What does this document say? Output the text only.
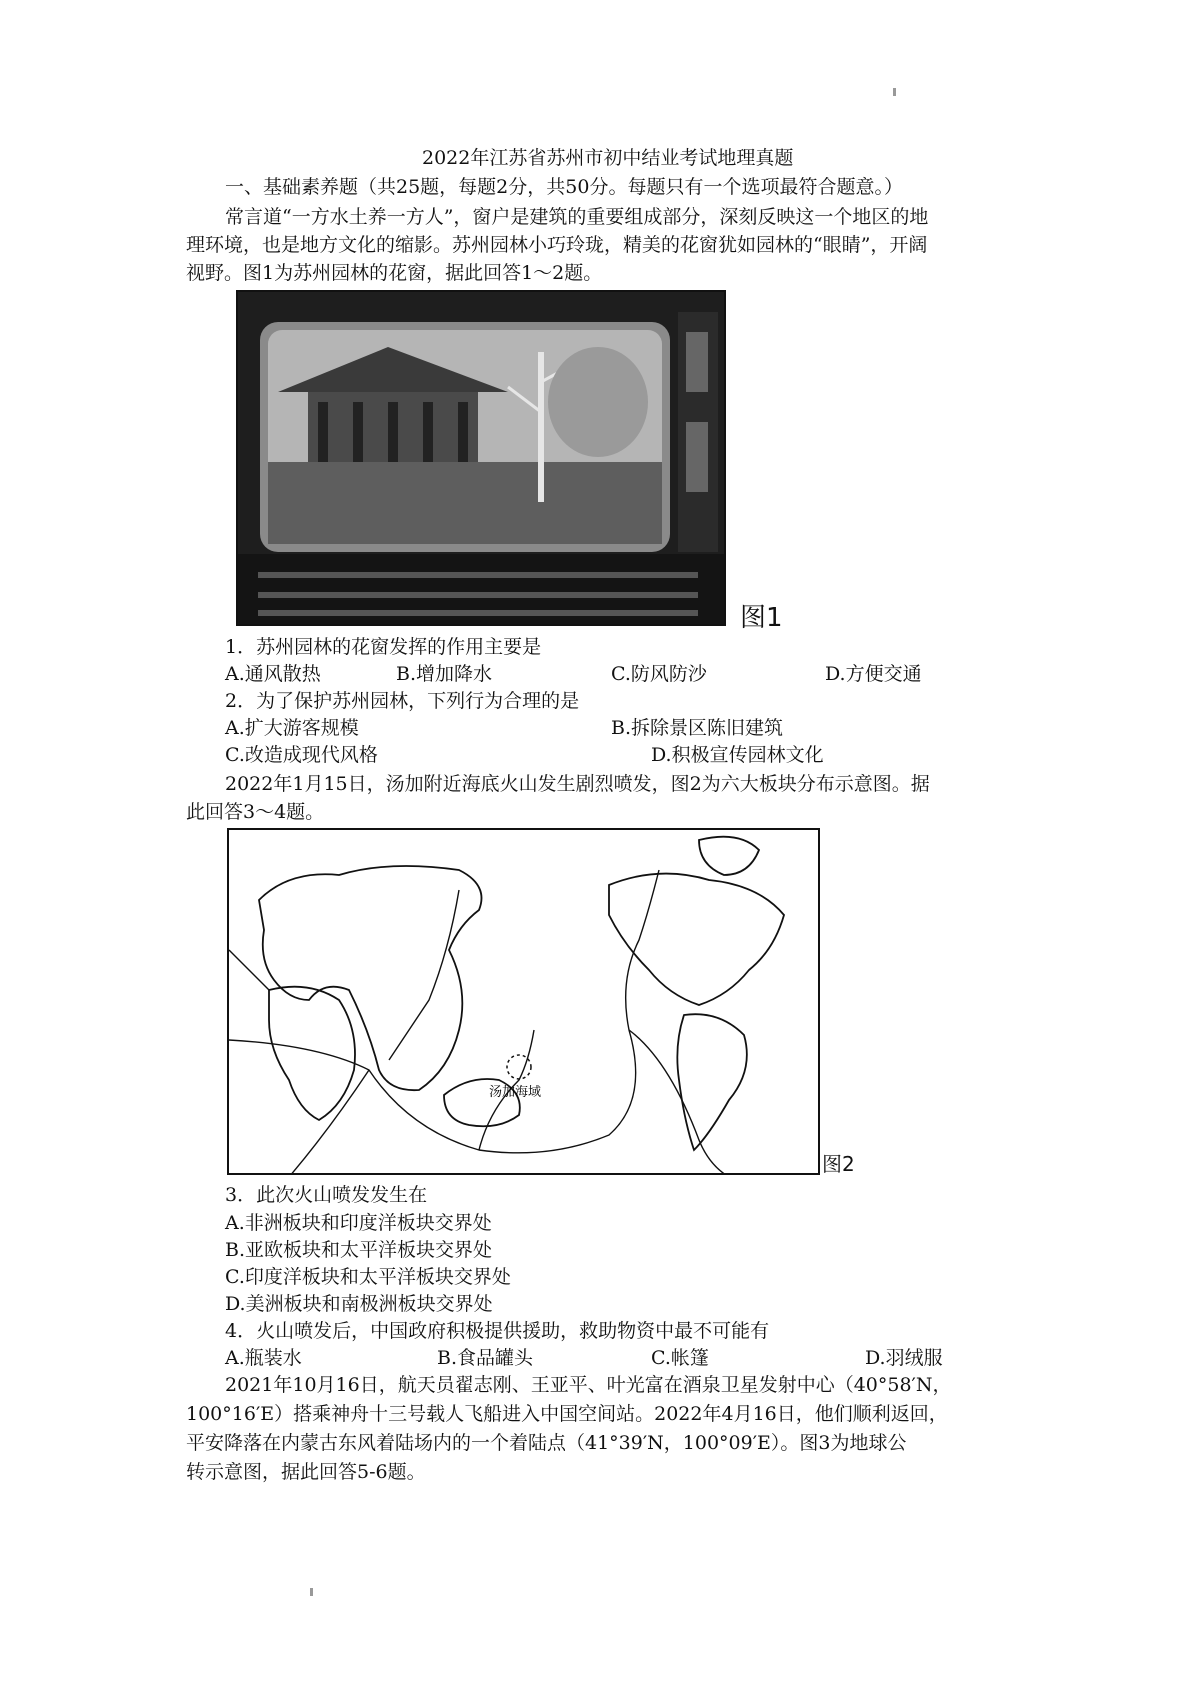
2022年江苏省苏州市初中结业考试地理真题
一、基础素养题（共25题，每题2分，共50分。每题只有一个选项最符合题意。）
常言道“一方水土养一方人”，窗户是建筑的重要组成部分，深刻反映这一个地区的地
理环境，也是地方文化的缩影。苏州园林小巧玲珑，精美的花窗犹如园林的“眼睛”，开阔
视野。图1为苏州园林的花窗，据此回答1～2题。
图1
1．苏州园林的花窗发挥的作用主要是
A.通风散热	B.增加降水	C.防风防沙	D.方便交通
2．为了保护苏州园林，下列行为合理的是
A.扩大游客规模	B.拆除景区陈旧建筑
C.改造成现代风格	D.积极宣传园林文化
2022年1月15日，汤加附近海底火山发生剧烈喷发，图2为六大板块分布示意图。据
此回答3～4题。
汤加海域
图2
3．此次火山喷发发生在
A.非洲板块和印度洋板块交界处
B.亚欧板块和太平洋板块交界处
C.印度洋板块和太平洋板块交界处
D.美洲板块和南极洲板块交界处
4．火山喷发后，中国政府积极提供援助，救助物资中最不可能有
A.瓶装水	B.食品罐头	C.帐篷	D.羽绒服
2021年10月16日，航天员翟志刚、王亚平、叶光富在酒泉卫星发射中心（40°58′N，
100°16′E）搭乘神舟十三号载人飞船进入中国空间站。2022年4月16日，他们顺利返回，
平安降落在内蒙古东风着陆场内的一个着陆点（41°39′N，100°09′E）。图3为地球公
转示意图，据此回答5-6题。
